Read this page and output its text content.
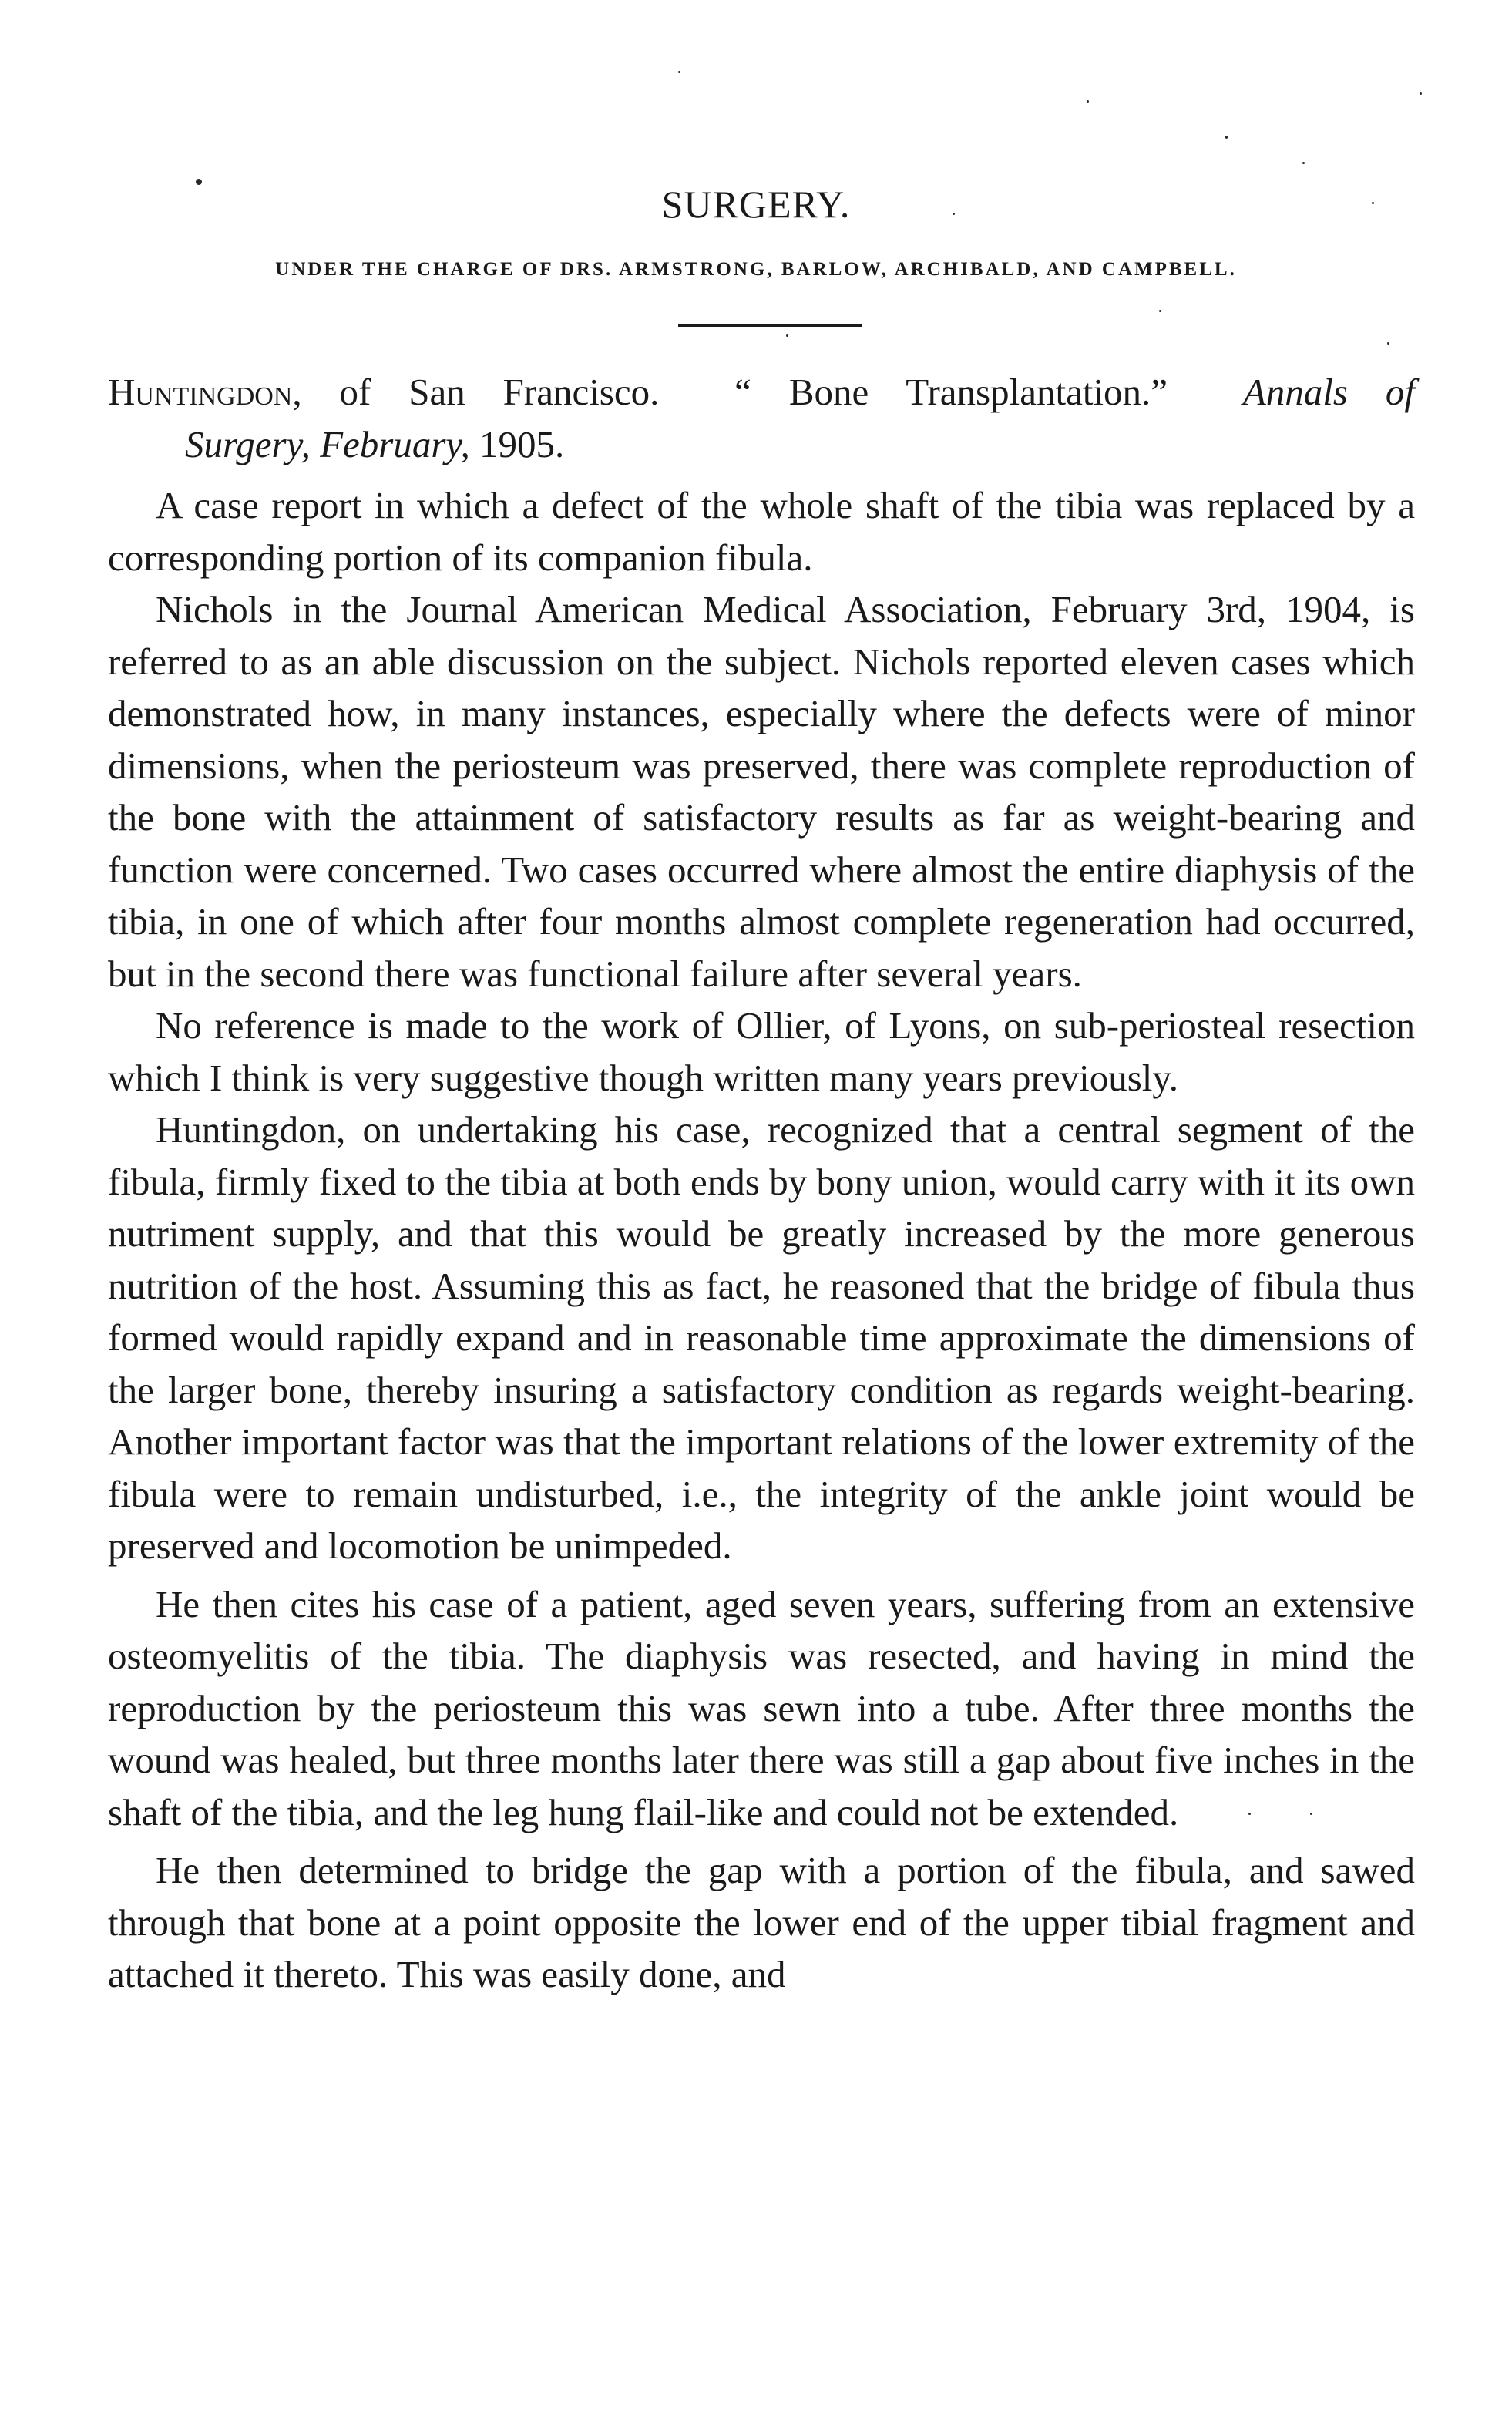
SURGERY.
UNDER THE CHARGE OF DRS. ARMSTRONG, BARLOW, ARCHIBALD, AND CAMPBELL.
Huntingdon, of San Francisco. “ Bone Transplantation.” Annals of
Surgery, February, 1905.

A case report in which a defect of the whole shaft of the tibia was replaced by a corresponding portion of its companion fibula.

Nichols in the Journal American Medical Association, February 3rd, 1904, is referred to as an able discussion on the subject. Nichols reported eleven cases which demonstrated how, in many instances, especially where the defects were of minor dimensions, when the periosteum was preserved, there was complete reproduction of the bone with the attainment of satisfactory results as far as weight-bearing and function were concerned. Two cases occurred where almost the entire diaphysis of the tibia, in one of which after four months almost complete regeneration had occurred, but in the second there was functional failure after several years.

No reference is made to the work of Ollier, of Lyons, on sub-periosteal resection which I think is very suggestive though written many years previously.

Huntingdon, on undertaking his case, recognized that a central segment of the fibula, firmly fixed to the tibia at both ends by bony union, would carry with it its own nutriment supply, and that this would be greatly increased by the more generous nutrition of the host. Assuming this as fact, he reasoned that the bridge of fibula thus formed would rapidly expand and in reasonable time approximate the dimensions of the larger bone, thereby insuring a satisfactory condition as regards weight-bearing. Another important factor was that the important relations of the lower extremity of the fibula were to remain undisturbed, i.e., the integrity of the ankle joint would be preserved and locomotion be unimpeded.

He then cites his case of a patient, aged seven years, suffering from an extensive osteomyelitis of the tibia. The diaphysis was resected, and having in mind the reproduction by the periosteum this was sewn into a tube. After three months the wound was healed, but three months later there was still a gap about five inches in the shaft of the tibia, and the leg hung flail-like and could not be extended.

He then determined to bridge the gap with a portion of the fibula, and sawed through that bone at a point opposite the lower end of the upper tibial fragment and attached it thereto. This was easily done, and
